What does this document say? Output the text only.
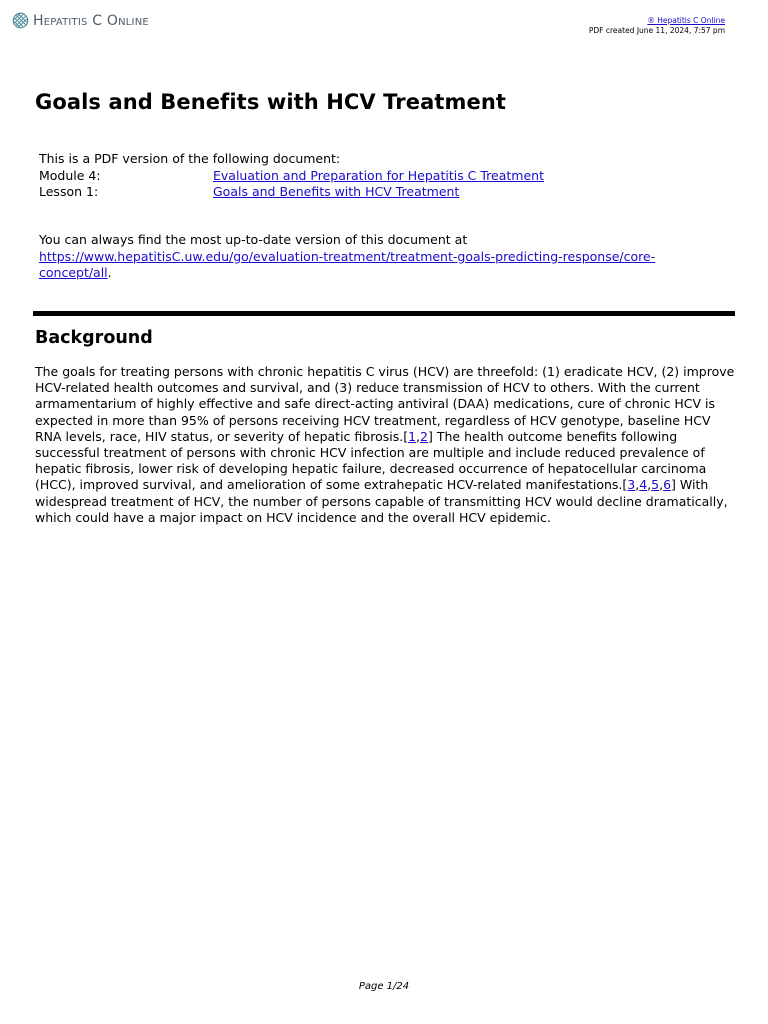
Hepatitis C Online	® Hepatitis C Online
PDF created June 11, 2024, 7:57 pm
Goals and Benefits with HCV Treatment
This is a PDF version of the following document:
Module 4:	Evaluation and Preparation for Hepatitis C Treatment
Lesson 1:	Goals and Benefits with HCV Treatment
You can always find the most up-to-date version of this document at
https://www.hepatitisC.uw.edu/go/evaluation-treatment/treatment-goals-predicting-response/core-concept/all.
Background

The goals for treating persons with chronic hepatitis C virus (HCV) are threefold: (1) eradicate HCV, (2) improve HCV-related health outcomes and survival, and (3) reduce transmission of HCV to others. With the current armamentarium of highly effective and safe direct-acting antiviral (DAA) medications, cure of chronic HCV is expected in more than 95% of persons receiving HCV treatment, regardless of HCV genotype, baseline HCV RNA levels, race, HIV status, or severity of hepatic fibrosis.[1,2] The health outcome benefits following successful treatment of persons with chronic HCV infection are multiple and include reduced prevalence of hepatic fibrosis, lower risk of developing hepatic failure, decreased occurrence of hepatocellular carcinoma (HCC), improved survival, and amelioration of some extrahepatic HCV-related manifestations.[3,4,5,6] With widespread treatment of HCV, the number of persons capable of transmitting HCV would decline dramatically, which could have a major impact on HCV incidence and the overall HCV epidemic.

Page 1/24
